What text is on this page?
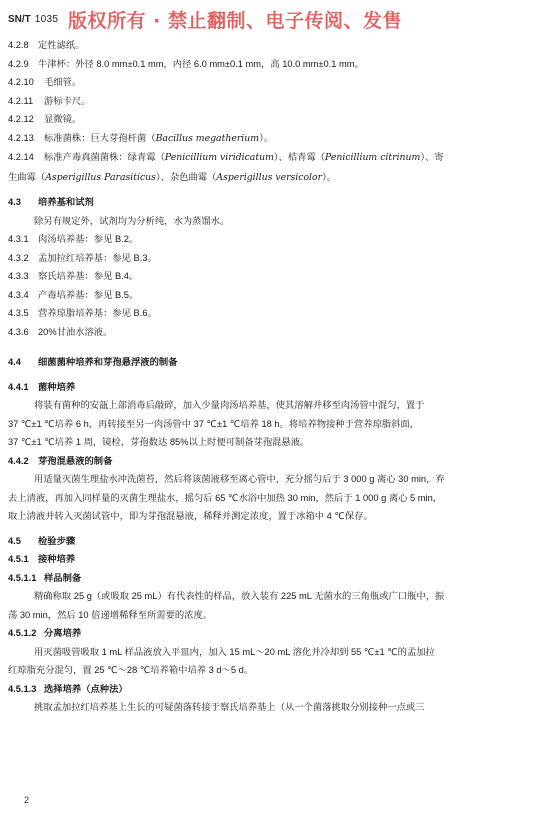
SN/T 1035 版权所有 · 禁止翻制、电子传阅、发售
4.2.8 定性滤纸。
4.2.9 牛津杯：外径 8.0 mm±0.1 mm，内径 6.0 mm±0.1 mm，高 10.0 mm±0.1 mm。
4.2.10 毛细管。
4.2.11 游标卡尺。
4.2.12 显微镜。
4.2.13 标准菌株：巨大芽孢杆菌（Bacillus megatherium）。
4.2.14 标准产毒真菌菌株：绿青霉（Penicillium viridicatum）、桔青霉（Penicillium citrinum）、寄
生曲霉（Asperigillus Parasiticus）、杂色曲霉（Asperigillus versicolor）。
4.3 培养基和试剂
除另有规定外，试剂均为分析纯，水为蒸馏水。
4.3.1 肉汤培养基：参见 B.2。
4.3.2 孟加拉红培养基：参见 B.3。
4.3.3 察氏培养基：参见 B.4。
4.3.4 产毒培养基：参见 B.5。
4.3.5 营养琼脂培养基：参见 B.6。
4.3.6 20%甘油水溶液。
4.4 细菌菌种培养和芽孢悬浮液的制备
4.4.1 菌种培养
将装有菌种的安瓿上部消毒后敲碎，加入少量肉汤培养基，使其溶解并移至肉汤管中混匀，置于
37 ℃±1 ℃培养 6 h，再转接至另一肉汤管中 37 ℃±1 ℃培养 18 h。将培养物接种于营养琼脂斜面，
37 ℃±1 ℃培养 1 周，镜检，芽孢数达 85%以上时便可制备芽孢混悬液。
4.4.2 芽孢混悬液的制备
用适量灭菌生理盐水冲洗菌苔，然后将该菌液移至离心管中，充分摇匀后于 3 000 g 离心 30 min，弃
去上清液，再加入同样量的灭菌生理盐水，摇匀后 65 ℃水浴中加热 30 min，然后于 1 000 g 离心 5 min，
取上清液并转入灭菌试管中，即为芽孢混悬液，稀释并测定浓度，置于冰箱中 4 ℃保存。
4.5 检验步骤
4.5.1 接种培养
4.5.1.1 样品制备
精确称取 25 g（或吸取 25 mL）有代表性的样品，放入装有 225 mL 无菌水的三角瓶或广口瓶中，振
荡 30 min，然后 10 倍递增稀释至所需要的浓度。
4.5.1.2 分离培养
用灭菌吸管吸取 1 mL 样品液放入平皿内，加入 15 mL～20 mL 溶化并冷却到 55 ℃±1 ℃的孟加拉
红琼脂充分混匀，置 25 ℃～28 ℃培养箱中培养 3 d～5 d。
4.5.1.3 选择培养（点种法）
挑取孟加拉红培养基上生长的可疑菌落转接于察氏培养基上（从一个菌落挑取分别接种一点或三
2
